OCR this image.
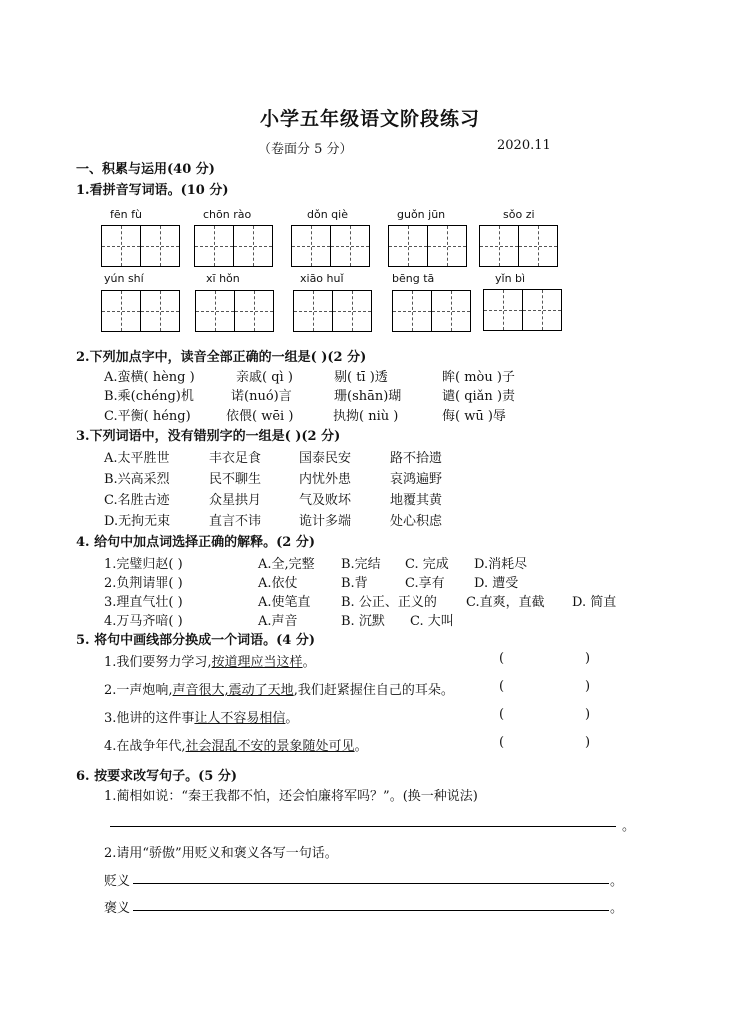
小学五年级语文阶段练习
（卷面分 5 分）	2020.11
一、积累与运用(40 分)
1.看拼音写词语。(10 分)
fēn fù	chōn rào	dǒn qiè	guǒn jūn	sǒo zi
yún shí	xī hǒn	xiāo huǐ	bēng tā	yǐn bì
2.下列加点字中，读音全部正确的一组是( )(2 分)
A.蛮横( hèng )	亲戚( qì )	剔( tī )透	眸( mòu )子
B.乘(chéng)机	诺(nuó)言	珊(shān)瑚	谴( qiǎn )责
C.平衡( héng)	依偎( wēi )	执拗( niù )	侮( wū )辱
3.下列词语中，没有错别字的一组是( )(2 分)
A.太平胜世	丰衣足食	国泰民安	路不拾遗
B.兴高采烈	民不聊生	内忧外患	哀鸿遍野
C.名胜古迹	众星拱月	气及败坏	地覆其黄
D.无拘无束	直言不讳	诡计多端	处心积虑
4. 给句中加点词选择正确的解释。(2 分)
1.完璧归赵( )	A.全,完整 B.完结 C. 完成 D.消耗尽
2.负荆请罪( )	A.依仗	B.背	C.享有 D. 遭受
3.理直气壮( )	A.使笔直 B. 公正、正义的 C.直爽，直截 D. 简直
4.万马齐喑( )	A.声音	B. 沉默 C. 大叫
5. 将句中画线部分换成一个词语。(4 分)
1.我们要努力学习,按道理应当这样。	(	)
2.一声炮响,声音很大,震动了天地,我们赶紧握住自己的耳朵。	(	)
3.他讲的这件事让人不容易相信。	(	)
4.在战争年代,社会混乱不安的景象随处可见。	(	)
6. 按要求改写句子。(5 分)
1.蔺相如说：“秦王我都不怕，还会怕廉将军吗？”。(换一种说法)
。
2.请用“骄傲”用贬义和褒义各写一句话。
贬义	。
褒义	。
